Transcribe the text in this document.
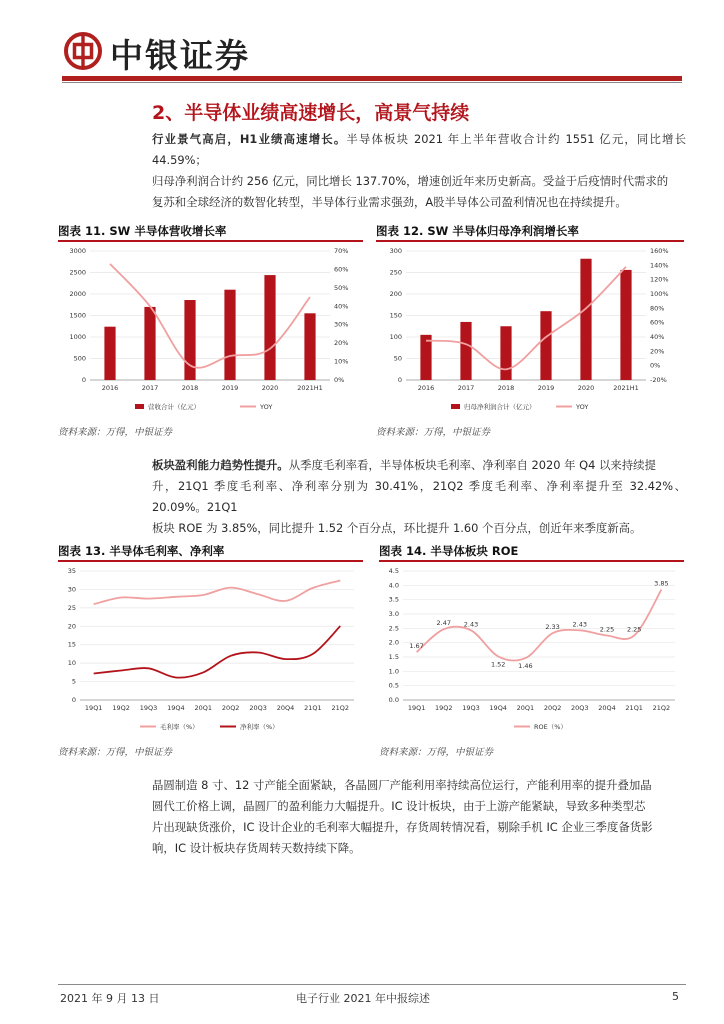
中银证券
2、半导体业绩高速增长，高景气持续
行业景气高启，H1业绩高速增长。半导体板块 2021 年上半年营收合计约 1551 亿元，同比增长 44.59%；
归母净利润合计约 256 亿元，同比增长 137.70%，增速创近年来历史新高。受益于后疫情时代需求的
复苏和全球经济的数智化转型，半导体行业需求强劲，A股半导体公司盈利情况也在持续提升。
图表 11. SW 半导体营收增长率
0
500
1000
1500
2000
2500
3000
0%
10%
20%
30%
40%
50%
60%
70%
2016	2017	2018	2019	2020	2021H1
营收合计（亿元）	YOY
资料来源：万得，中银证券
图表 12. SW 半导体归母净利润增长率
0
50
100
150
200
250
300
-20%
0%
20%
40%
60%
80%
100%
120%
140%
160%
2016	2017	2018	2019	2020	2021H1
归母净利润合计（亿元）	YOY
资料来源：万得，中银证券
板块盈利能力趋势性提升。从季度毛利率看，半导体板块毛利率、净利率自 2020 年 Q4 以来持续提
升，21Q1 季度毛利率、净利率分别为 30.41%，21Q2 季度毛利率、净利率提升至 32.42%、20.09%。21Q1
板块 ROE 为 3.85%，同比提升 1.52 个百分点，环比提升 1.60 个百分点，创近年来季度新高。
图表 13. 半导体毛利率、净利率
0
5
10
15
20
25
30
35
19Q1 19Q2 19Q3 19Q4 20Q1 20Q2 20Q3 20Q4 21Q1 21Q2
毛利率（%）	净利率（%）
资料来源：万得，中银证券
图表 14. 半导体板块 ROE
0.0
0.5
1.0
1.5
2.0
2.5
3.0
3.5
4.0
4.5
19Q1 19Q2 19Q3 19Q4 20Q1 20Q2 20Q3 20Q4 21Q1 21Q2
1.67
2.47 2.43
1.52 1.46
2.33 2.43
2.25 2.25
3.85
ROE（%）
资料来源：万得，中银证券
晶圆制造 8 寸、12 寸产能全面紧缺，各晶圆厂产能利用率持续高位运行，产能利用率的提升叠加晶
圆代工价格上调，晶圆厂的盈利能力大幅提升。IC 设计板块，由于上游产能紧缺，导致多种类型芯
片出现缺货涨价，IC 设计企业的毛利率大幅提升，存货周转情况看，剔除手机 IC 企业三季度备货影
响，IC 设计板块存货周转天数持续下降。
2021 年 9 月 13 日	电子行业 2021 年中报综述	5
